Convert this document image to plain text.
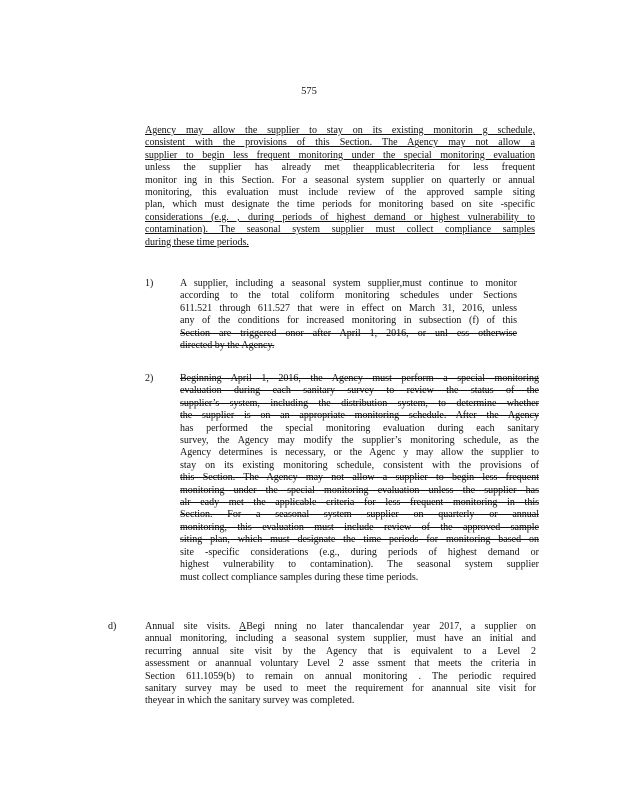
575
Agency may allow the supplier to stay on its existing monitorin g schedule,
consistent with the provisions of this Section. The Agency may not allow a
supplier to begin less frequent monitoring under the special monitoring evaluation
unless the supplier has already met theapplicablecriteria for less frequent
monitor ing in this Section. For a seasonal system supplier on quarterly or annual
monitoring, this evaluation must include review of the approved sample siting
plan, which must designate the time periods for monitoring based on site -specific
considerations (e.g. , during periods of highest demand or highest vulnerability to
contamination). The seasonal system supplier must collect compliance samples
during these time periods.
1)	A supplier, including a seasonal system supplier,must continue to monitor
according to the total coliform monitoring schedules under Sections
611.521 through 611.527 that were in effect on March 31, 2016, unless
any of the conditions for increased monitoring in subsection (f) of this
Section are triggered onor after April 1, 2016, or unl ess otherwise
directed by the Agency.
2)	Beginning April 1, 2016, the Agency must perform a special monitoring
evaluation during each sanitary survey to review the status of the
supplier’s system, including the distribution system, to determine whether
the supplier is on an appropriate monitoring schedule. After the Agency
has performed the special monitoring evaluation during each sanitary
survey, the Agency may modify the supplier’s monitoring schedule, as the
Agency determines is necessary, or the Agenc y may allow the supplier to
stay on its existing monitoring schedule, consistent with the provisions of
this Section. The Agency may not allow a supplier to begin less frequent
monitoring under the special monitoring evaluation unless the supplier has
alr eady met the applicable criteria for less frequent monitoring in this
Section. For a seasonal system supplier on quarterly or annual
monitoring, this evaluation must include review of the approved sample
siting plan, which must designate the time periods for monitoring based on
site -specific considerations (e.g., during periods of highest demand or
highest vulnerability to contamination). The seasonal system supplier
must collect compliance samples during these time periods.
d)	Annual site visits. ABegi nning no later thancalendar year 2017, a supplier on
annual monitoring, including a seasonal system supplier, must have an initial and
recurring annual site visit by the Agency that is equivalent to a Level 2
assessment or anannual voluntary Level 2 asse ssment that meets the criteria in
Section 611.1059(b) to remain on annual monitoring . The periodic required
sanitary survey may be used to meet the requirement for anannual site visit for
theyear in which the sanitary survey was completed.
